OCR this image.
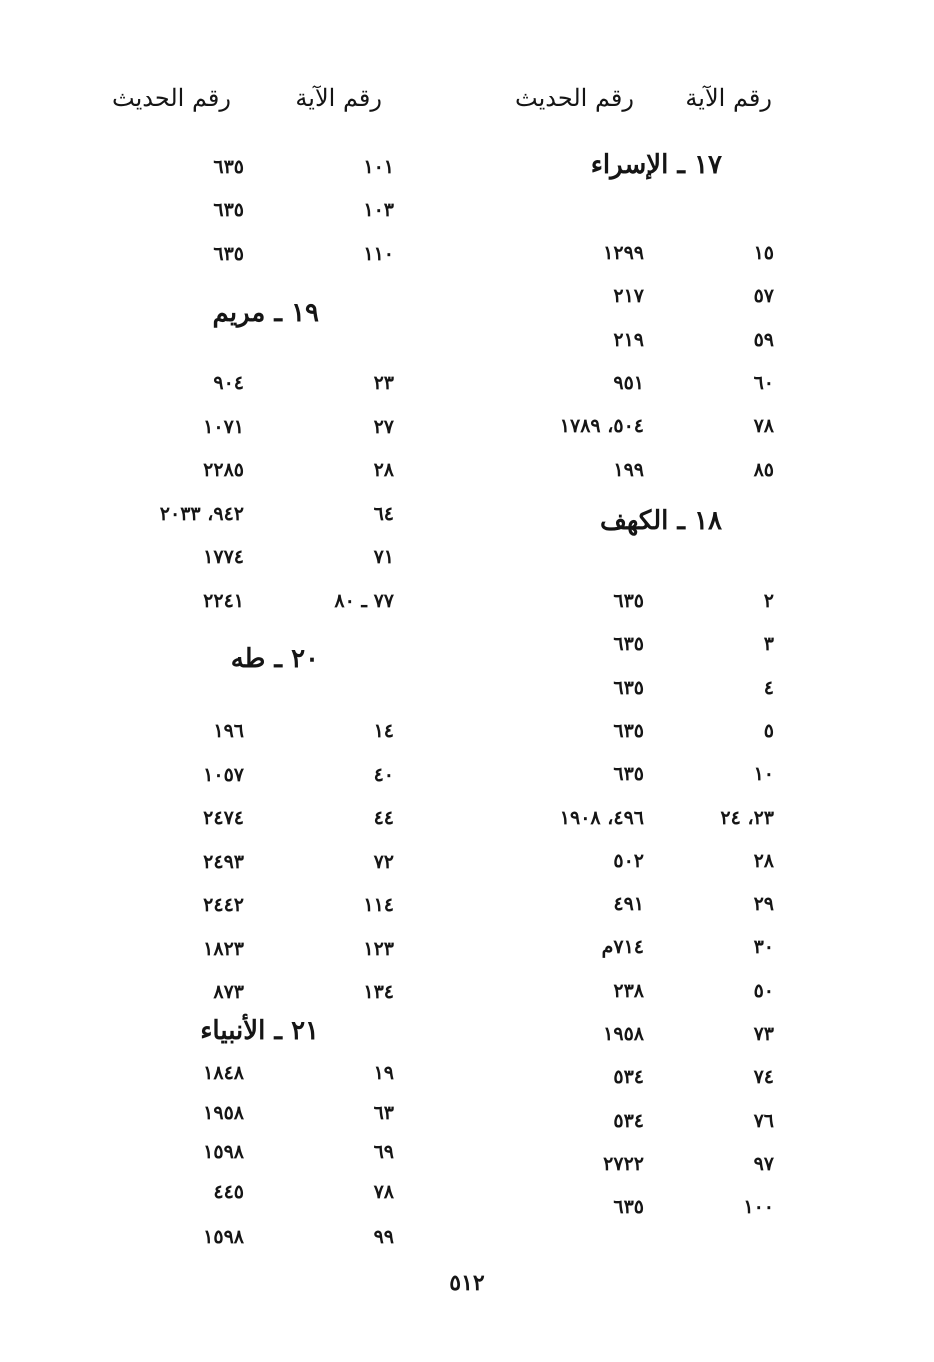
رقم الآية
رقم الحديث
رقم الآية
رقم الحديث
١٧ ـ الإسراء
١٥
١٢٩٩
٥٧
٢١٧
٥٩
٢١٩
٦٠
٩٥١
٧٨
٥٠٤، ١٧٨٩
٨٥
١٩٩
١٨ ـ الكهف
٢
٦٣٥
٣
٦٣٥
٤
٦٣٥
٥
٦٣٥
١٠
٦٣٥
٢٣، ٢٤
٤٩٦، ١٩٠٨
٢٨
٥٠٢
٢٩
٤٩١
٣٠
٧١٤م
٥٠
٢٣٨
٧٣
١٩٥٨
٧٤
٥٣٤
٧٦
٥٣٤
٩٧
٢٧٢٢
١٠٠
٦٣٥
١٠١
٦٣٥
١٠٣
٦٣٥
١١٠
٦٣٥
١٩ ـ مريم
٢٣
٩٠٤
٢٧
١٠٧١
٢٨
٢٢٨٥
٦٤
٩٤٢، ٢٠٣٣
٧١
١٧٧٤
٧٧ ـ ٨٠
٢٢٤١
٢٠ ـ طه
١٤
١٩٦
٤٠
١٠٥٧
٤٤
٢٤٧٤
٧٢
٢٤٩٣
١١٤
٢٤٤٢
١٢٣
١٨٢٣
١٣٤
٨٧٣
٢١ ـ الأنبياء
١٩
١٨٤٨
٦٣
١٩٥٨
٦٩
١٥٩٨
٧٨
٤٤٥
٩٩
١٥٩٨
٥١٢
